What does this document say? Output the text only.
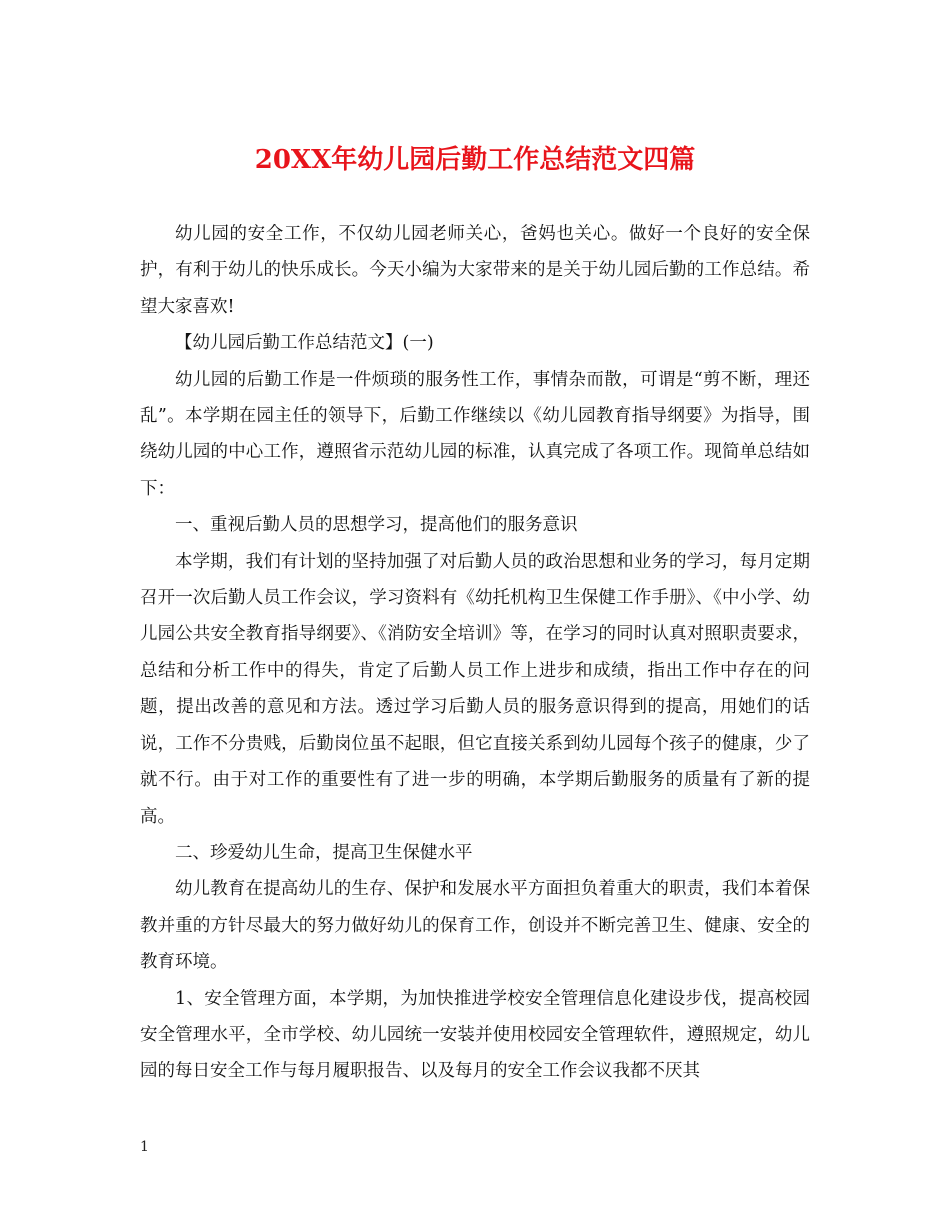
20XX年幼儿园后勤工作总结范文四篇

幼儿园的安全工作，不仅幼儿园老师关心，爸妈也关心。做好一个良好的安全保护，有利于幼儿的快乐成长。今天小编为大家带来的是关于幼儿园后勤的工作总结。希望大家喜欢!

【幼儿园后勤工作总结范文】(一)

幼儿园的后勤工作是一件烦琐的服务性工作，事情杂而散，可谓是“剪不断，理还乱”。本学期在园主任的领导下，后勤工作继续以《幼儿园教育指导纲要》为指导，围绕幼儿园的中心工作，遵照省示范幼儿园的标准，认真完成了各项工作。现简单总结如下：

一、重视后勤人员的思想学习，提高他们的服务意识

本学期，我们有计划的坚持加强了对后勤人员的政治思想和业务的学习，每月定期召开一次后勤人员工作会议，学习资料有《幼托机构卫生保健工作手册》、《中小学、幼儿园公共安全教育指导纲要》、《消防安全培训》等，在学习的同时认真对照职责要求，总结和分析工作中的得失，肯定了后勤人员工作上进步和成绩，指出工作中存在的问题，提出改善的意见和方法。透过学习后勤人员的服务意识得到的提高，用她们的话说，工作不分贵贱，后勤岗位虽不起眼，但它直接关系到幼儿园每个孩子的健康，少了就不行。由于对工作的重要性有了进一步的明确，本学期后勤服务的质量有了新的提高。

二、珍爱幼儿生命，提高卫生保健水平

幼儿教育在提高幼儿的生存、保护和发展水平方面担负着重大的职责，我们本着保教并重的方针尽最大的努力做好幼儿的保育工作，创设并不断完善卫生、健康、安全的教育环境。

1、安全管理方面，本学期，为加快推进学校安全管理信息化建设步伐，提高校园安全管理水平，全市学校、幼儿园统一安装并使用校园安全管理软件，遵照规定，幼儿园的每日安全工作与每月履职报告、以及每月的安全工作会议我都不厌其

1
